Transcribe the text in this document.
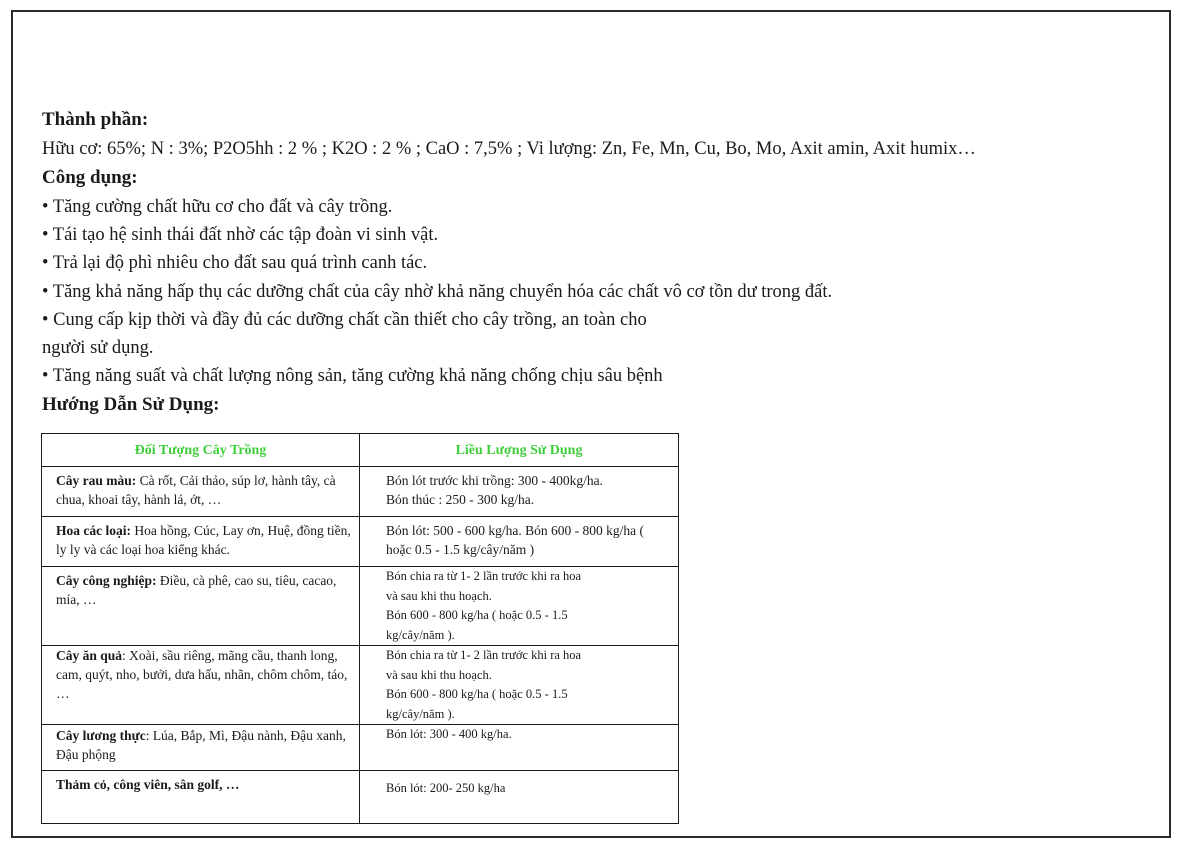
Thành phần:
Hữu cơ: 65%; N : 3%; P2O5hh : 2 % ; K2O : 2 % ; CaO : 7,5% ; Vi lượng: Zn, Fe, Mn, Cu, Bo, Mo, Axit amin, Axit humix…
Công dụng:
• Tăng cường chất hữu cơ cho đất và cây trồng.
• Tái tạo hệ sinh thái đất nhờ các tập đoàn vi sinh vật.
• Trả lại độ phì nhiêu cho đất sau quá trình canh tác.
• Tăng khả năng hấp thụ các dưỡng chất của cây nhờ khả năng chuyển hóa các chất vô cơ tồn dư trong đất.
• Cung cấp kịp thời và đầy đủ các dưỡng chất cần thiết cho cây trồng, an toàn cho
người sử dụng.
• Tăng năng suất và chất lượng nông sản, tăng cường khả năng chống chịu sâu bệnh
Hướng Dẫn Sử Dụng:
Đối Tượng Cây Trồng	Liều Lượng Sử Dụng
Cây rau màu: Cà rốt, Cải thảo, súp lơ, hành tây, cà chua, khoai tây, hành lá, ớt, …	Bón lót trước khi trồng: 300 - 400kg/ha.
Bón thúc : 250 - 300 kg/ha.

Hoa các loại: Hoa hồng, Cúc, Lay ơn, Huệ, đồng tiền, ly ly và các loại hoa kiểng khác.	Bón lót: 500 - 600 kg/ha. Bón 600 - 800 kg/ha ( hoặc 0.5 - 1.5 kg/cây/năm )

Cây công nghiệp: Điều, cà phê, cao su, tiêu, cacao, mía, …	Bón chia ra từ 1- 2 lần trước khi ra hoa
và sau khi thu hoạch.
Bón 600 - 800 kg/ha ( hoặc 0.5 - 1.5
kg/cây/năm ).

Cây ăn quả: Xoài, sầu riêng, mãng cầu, thanh long, cam, quýt, nho, bưởi, dưa hấu, nhãn, chôm chôm, táo, …	Bón chia ra từ 1- 2 lần trước khi ra hoa
và sau khi thu hoạch.
Bón 600 - 800 kg/ha ( hoặc 0.5 - 1.5
kg/cây/năm ).

Cây lương thực: Lúa, Bắp, Mì, Đậu nành, Đậu xanh, Đậu phộng	Bón lót: 300 - 400 kg/ha.

Thảm cỏ, công viên, sân golf, …	Bón lót: 200- 250 kg/ha
